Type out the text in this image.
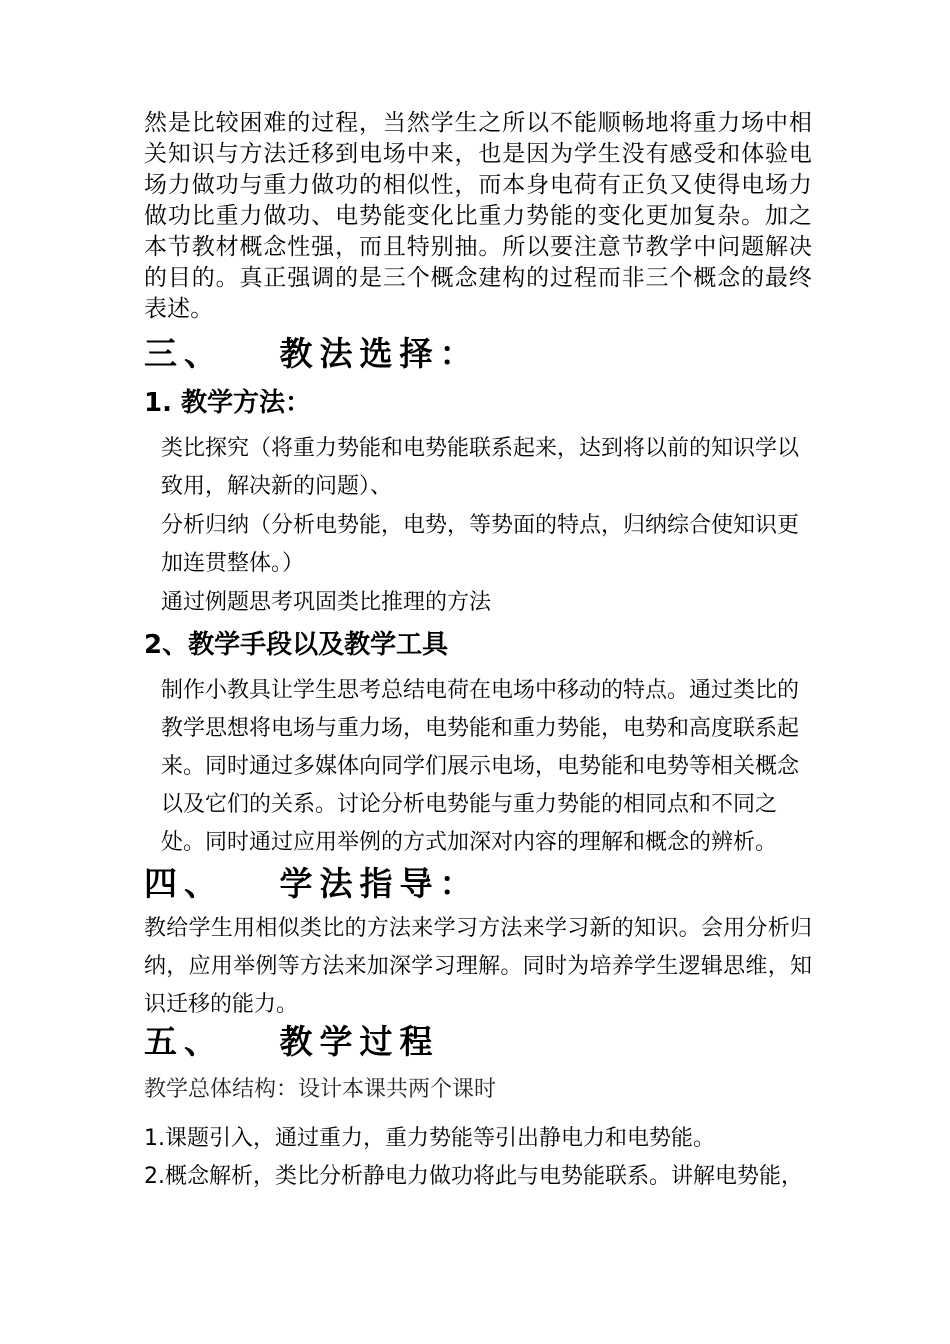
然是比较困难的过程，当然学生之所以不能顺畅地将重力场中相关知识与方法迁移到电场中来，也是因为学生没有感受和体验电场力做功与重力做功的相似性，而本身电荷有正负又使得电场力做功比重力做功、电势能变化比重力势能的变化更加复杂。加之本节教材概念性强，而且特别抽。所以要注意节教学中问题解决的目的。真正强调的是三个概念建构的过程而非三个概念的最终表述。

三、   教法选择：
1. 教学方法：

类比探究（将重力势能和电势能联系起来，达到将以前的知识学以致用，解决新的问题）、

分析归纳（分析电势能，电势，等势面的特点，归纳综合使知识更加连贯整体。）

通过例题思考巩固类比推理的方法

2、教学手段以及教学工具

制作小教具让学生思考总结电荷在电场中移动的特点。通过类比的教学思想将电场与重力场，电势能和重力势能，电势和高度联系起来。同时通过多媒体向同学们展示电场，电势能和电势等相关概念以及它们的关系。讨论分析电势能与重力势能的相同点和不同之处。同时通过应用举例的方式加深对内容的理解和概念的辨析。

四、   学法指导：

教给学生用相似类比的方法来学习方法来学习新的知识。会用分析归纳，应用举例等方法来加深学习理解。同时为培养学生逻辑思维，知识迁移的能力。

五、   教学过程

教学总体结构：设计本课共两个课时

1.课题引入，通过重力，重力势能等引出静电力和电势能。

2.概念解析，类比分析静电力做功将此与电势能联系。讲解电势能，
